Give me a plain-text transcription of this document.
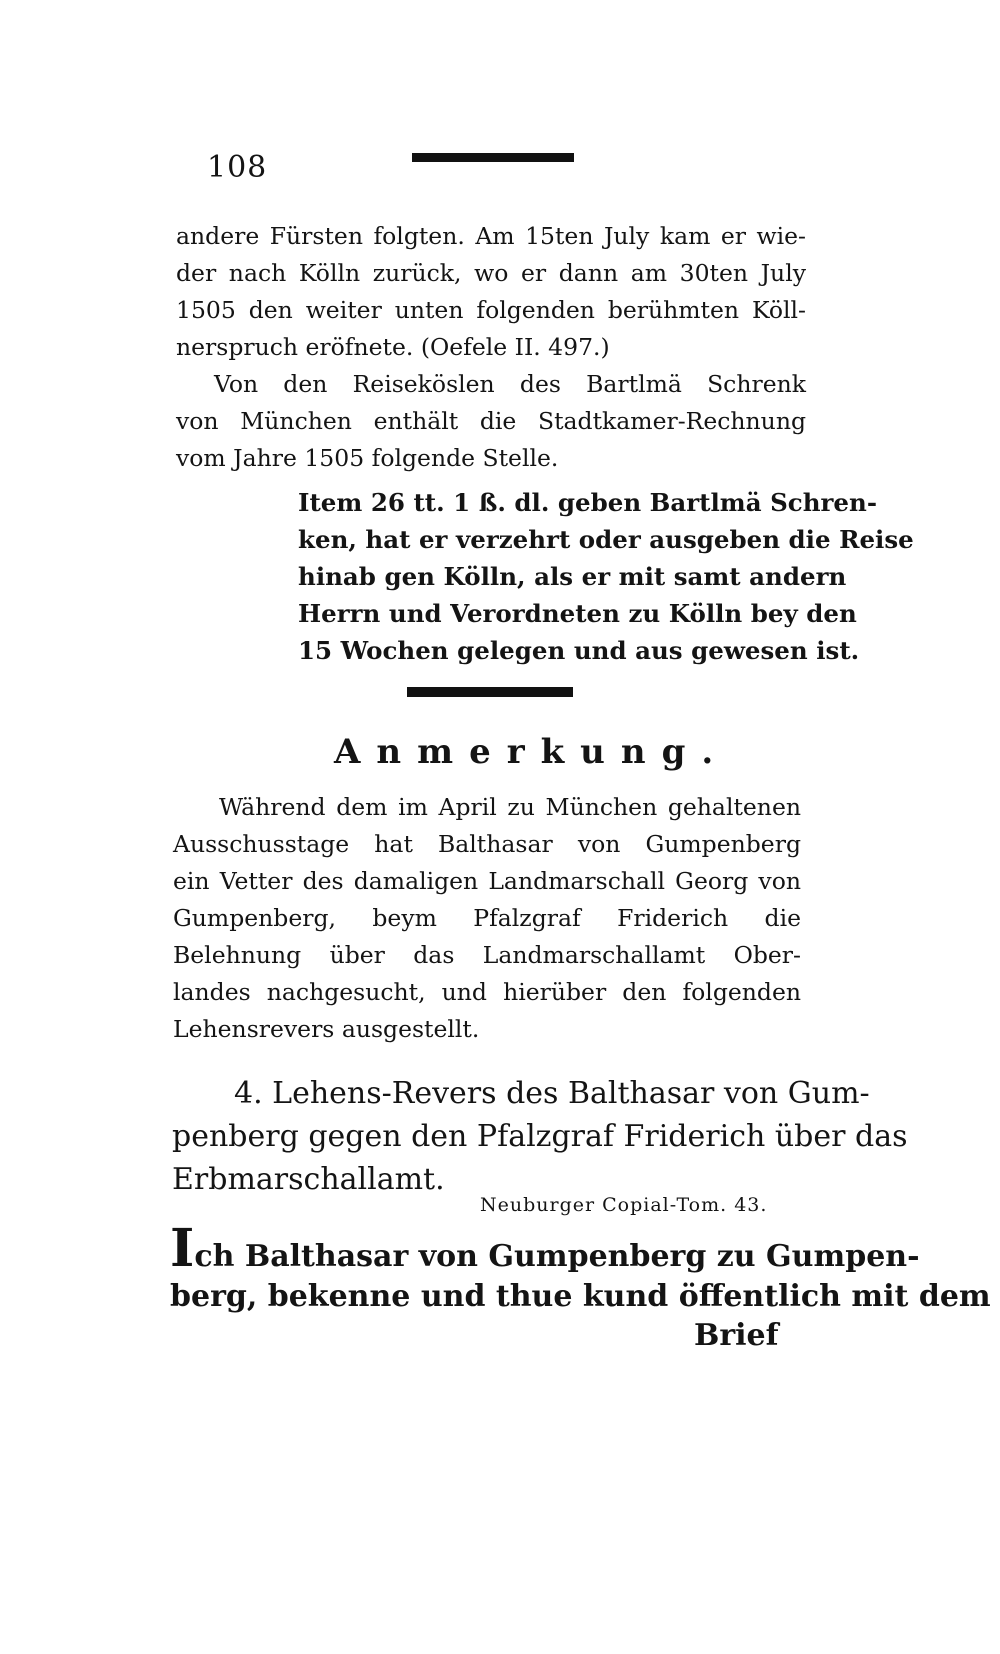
108
andere Fürsten folgten. Am 15ten July kam er wie-
der nach Kölln zurück, wo er dann am 30ten July
1505 den weiter unten folgenden berühmten Köll-
nerspruch eröfnete. (Oefele II. 497.)
Von den Reiseköslen des Bartlmä Schrenk
von München enthält die Stadtkamer-Rechnung
vom Jahre 1505 folgende Stelle.
Item 26 tt. 1 ß. dl. geben Bartlmä Schren-
ken, hat er verzehrt oder ausgeben die Reise
hinab gen Kölln, als er mit samt andern
Herrn und Verordneten zu Kölln bey den
15 Wochen gelegen und aus gewesen ist.
Anmerkung.
Während dem im April zu München gehaltenen
Ausschusstage hat Balthasar von Gumpenberg
ein Vetter des damaligen Landmarschall Georg von
Gumpenberg, beym Pfalzgraf Friderich die
Belehnung über das Landmarschallamt Ober-
landes nachgesucht, und hierüber den folgenden
Lehensrevers ausgestellt.
4. Lehens-Revers des Balthasar von Gum-
penberg gegen den Pfalzgraf Friderich über das
Erbmarschallamt.
Neuburger Copial-Tom. 43.
Ich Balthasar von Gumpenberg zu Gumpen-
berg, bekenne und thue kund öffentlich mit dem
Brief
